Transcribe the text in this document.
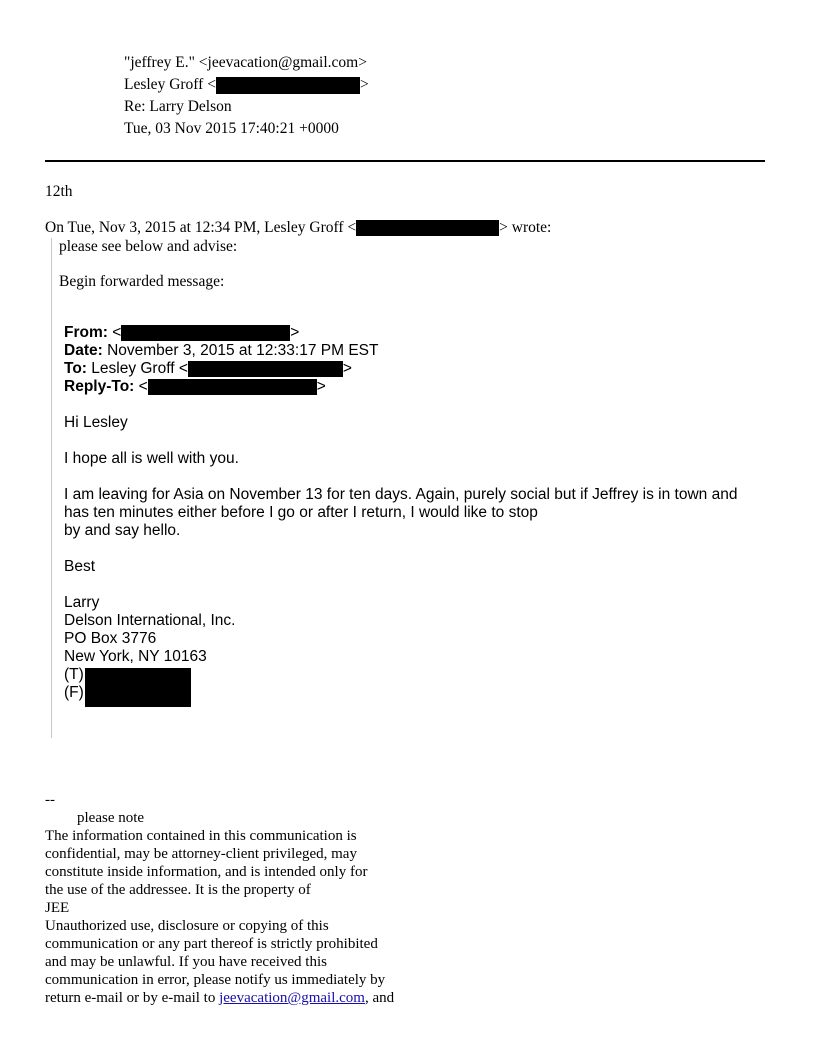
"jeffrey E." <jeevacation@gmail.com>
Lesley Groff <	>
Re: Larry Delson
Tue, 03 Nov 2015 17:40:21 +0000
12th
On Tue, Nov 3, 2015 at 12:34 PM, Lesley Groff <	> wrote:
please see below and advise:
Begin forwarded message:
From: <	>
Date: November 3, 2015 at 12:33:17 PM EST
To: Lesley Groff <	>
Reply-To: <	>
Hi Lesley
I hope all is well with you.
I am leaving for Asia on November 13 for ten days. Again, purely social but if Jeffrey is in town and
has ten minutes either before I go or after I return, I would like to stop
by and say hello.
Best
Larry
Delson International, Inc.
PO Box 3776
New York, NY 10163
(T)
(F)
--
please note
The information contained in this communication is
confidential, may be attorney-client privileged, may
constitute inside information, and is intended only for
the use of the addressee. It is the property of
JEE
Unauthorized use, disclosure or copying of this
communication or any part thereof is strictly prohibited
and may be unlawful. If you have received this
communication in error, please notify us immediately by
return e-mail or by e-mail to jeevacation@gmail.com, and
